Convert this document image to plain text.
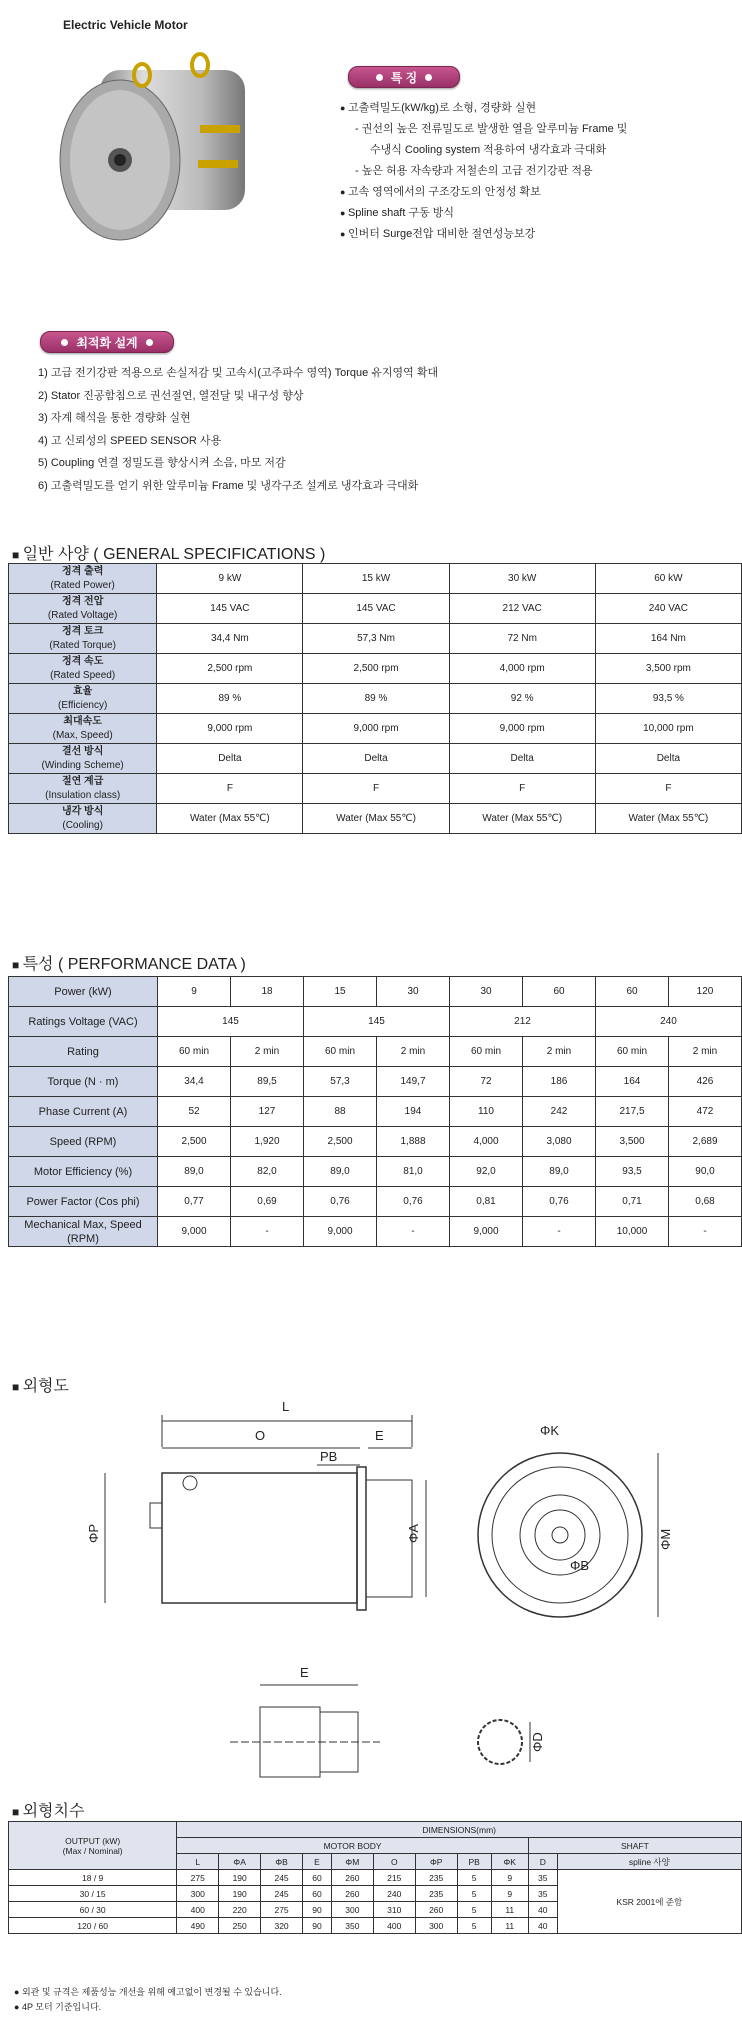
Electric Vehicle Motor
특 징
● 고출력밀도(kW/kg)로 소형, 경량화 실현
- 권선의 높은 전류밀도로 발생한 열을 알루미늄 Frame 및
수냉식 Cooling system 적용하여 냉각효과 극대화
- 높은 허용 자속량과 저철손의 고급 전기강판 적용
● 고속 영역에서의 구조강도의 안정성 확보
● Spline shaft 구동 방식
● 인버터 Surge전압 대비한 절연성능보강
최적화 설계
1) 고급 전기강판 적용으로 손실저감 및 고속시(고주파수 영역) Torque 유지영역 확대
2) Stator 진공함침으로 권선절연, 열전달 및 내구성 향상
3) 자계 해석을 통한 경량화 실현
4) 고 신뢰성의 SPEED SENSOR 사용
5) Coupling 연결 정밀도를 향상시켜 소음, 마모 저감
6) 고출력밀도를 얻기 위한 알루미늄 Frame 및 냉각구조 설계로 냉각효과 극대화
■ 일반 사양 ( GENERAL SPECIFICATIONS )
정격 출력
(Rated Power)	9 kW	15 kW	30 kW	60 kW

정격 전압
(Rated Voltage)	145 VAC	145 VAC	212 VAC	240 VAC

정격 토크
(Rated Torque)	34,4 Nm	57,3 Nm	72 Nm	164 Nm

정격 속도
(Rated Speed)	2,500 rpm	2,500 rpm	4,000 rpm	3,500 rpm

효율
(Efficiency)	89 %	89 %	92 %	93,5 %

최대속도
(Max, Speed)	9,000 rpm	9,000 rpm	9,000 rpm	10,000 rpm

결선 방식
(Winding Scheme)	Delta	Delta	Delta	Delta

절연 계급
(Insulation class)	F	F	F	F

냉각 방식
(Cooling)	Water (Max 55℃)	Water (Max 55℃)	Water (Max 55℃)	Water (Max 55℃)
■ 특성 ( PERFORMANCE DATA )
Power (kW)	9	18	15	30	30	60	60	120
Ratings Voltage (VAC)	145		145		212		240	
Rating	60 min	2 min	60 min	2 min	60 min	2 min	60 min	2 min
Torque (N · m)	34,4	89,5	57,3	149,7	72	186	164	426
Phase Current (A)	52	127	88	194	110	242	217,5	472
Speed (RPM)	2,500	1,920	2,500	1,888	4,000	3,080	3,500	2,689
Motor Efficiency (%)	89,0	82,0	89,0	81,0	92,0	89,0	93,5	90,0
Power Factor (Cos phi)	0,77	0,69	0,76	0,76	0,81	0,76	0,71	0,68
Mechanical Max, Speed (RPM)	9,000	-	9,000	-	9,000	-	10,000	-
■ 외형도
L
O
PB
E
ΦP	ΦA
ΦK
ΦB
ΦM
E
ΦD
■ 외형치수
OUTPUT (kW)
(Max / Nominal)	DIMENSIONS(mm)										
	MOTOR BODY									SHAFT	
	L	ΦA	ΦB	E	ΦM	O	ΦP	PB	ΦK	D	spline 사양
18 / 9	275	190	245	60	260	215	235	5	9	35	KSR 2001에 준함
30 / 15	300	190	245	60	260	240	235	5	9	35	
60 / 30	400	220	275	90	300	310	260	5	11	40	
120 / 60	490	250	320	90	350	400	300	5	11	40	
● 외관 및 규격은 제품성능 개선을 위해 예고없이 변경될 수 있습니다.
● 4P 모터 기준입니다.
